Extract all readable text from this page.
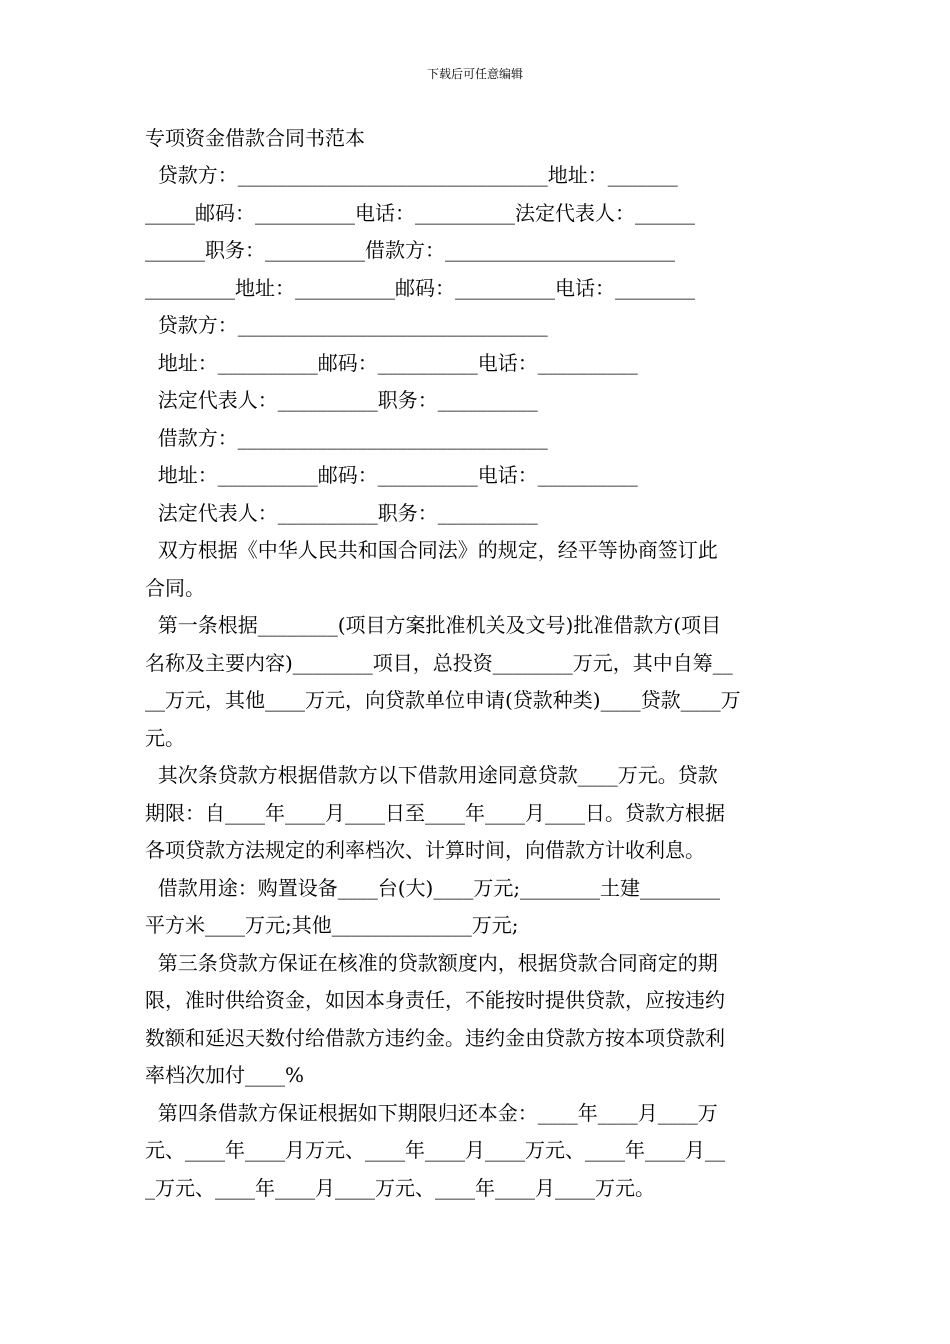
下载后可任意编辑
专项资金借款合同书范本
贷款方：_______________________________地址：_______
_____邮码：__________电话：__________法定代表人：______
______职务：__________借款方：_______________________
_________地址：__________邮码：__________电话：________
贷款方：_______________________________
地址：__________邮码：__________电话：__________
法定代表人：__________职务：__________
借款方：_______________________________
地址：__________邮码：__________电话：__________
法定代表人：__________职务：__________
双方根据《中华人民共和国合同法》的规定，经平等协商签订此
合同。
第一条根据________(项目方案批准机关及文号)批准借款方(项目
名称及主要内容)________项目，总投资________万元，其中自筹__
__万元，其他____万元，向贷款单位申请(贷款种类)____贷款____万
元。
其次条贷款方根据借款方以下借款用途同意贷款____万元。贷款
期限：自____年____月____日至____年____月____日。贷款方根据
各项贷款方法规定的利率档次、计算时间，向借款方计收利息。
借款用途：购置设备____台(大)____万元;________土建________
平方米____万元;其他______________万元;
第三条贷款方保证在核准的贷款额度内，根据贷款合同商定的期
限，准时供给资金，如因本身责任，不能按时提供贷款，应按违约
数额和延迟天数付给借款方违约金。违约金由贷款方按本项贷款利
率档次加付____%
第四条借款方保证根据如下期限归还本金：____年____月____万
元、____年____月万元、____年____月____万元、____年____月__
_万元、____年____月____万元、____年____月____万元。
